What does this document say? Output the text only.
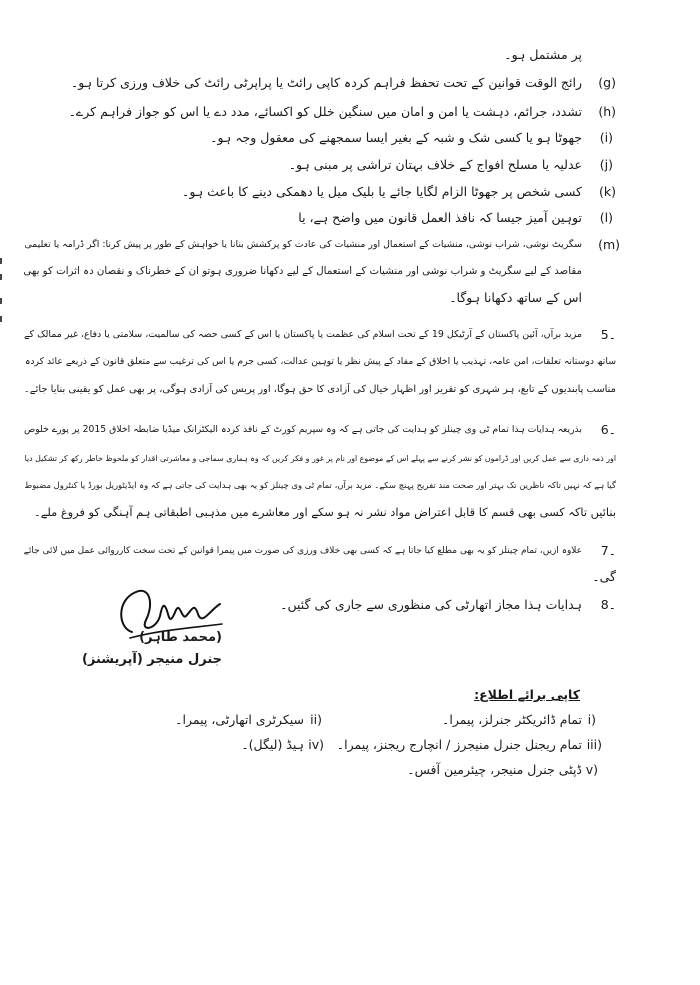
پر مشتمل ہو۔
(g)
رائج الوقت قوانین کے تحت تحفظ فراہم کردہ کاپی رائٹ یا پراپرٹی رائٹ کی خلاف ورزی کرتا ہو۔
(h)
تشدد، جرائم، دہشت یا امن و امان میں سنگین خلل کو اکسائے، مدد دے یا اس کو جواز فراہم کرے۔
(i)
جھوٹا ہو یا کسی شک و شبہ کے بغیر ایسا سمجھنے کی معقول وجہ ہو۔
(j)
عدلیہ یا مسلح افواج کے خلاف بہتان تراشی پر مبنی ہو۔
(k)
کسی شخص پر جھوٹا الزام لگایا جائے یا بلیک میل یا دھمکی دینے کا باعث ہو۔
(l)
توہین آمیز جیسا کہ نافذ العمل قانون میں واضح ہے، یا
(m)
سگریٹ نوشی، شراب نوشی، منشیات کے استعمال اور منشیات کی عادت کو پرکشش بنانا یا خواہش کے طور پر پیش کرنا: اگر ڈرامہ یا تعلیمی
مقاصد کے لیے سگریٹ و شراب نوشی اور منشیات کے استعمال کے لیے دکھانا ضروری ہوتو ان کے خطرناک و نقصان دہ اثرات کو بھی
اس کے ساتھ دکھانا ہوگا۔
5۔
مزید برآں، آئین پاکستان کے آرٹیکل 19 کے تحت اسلام کی عظمت یا پاکستان یا اس کے کسی حصہ کی سالمیت، سلامتی یا دفاع، غیر ممالک کے
ساتھ دوستانہ تعلقات، امن عامہ، تہذیب یا اخلاق کے مفاد کے پیش نظر یا توہین عدالت، کسی جرم یا اس کی ترغیب سے متعلق قانون کے ذریعے عائد کردہ
مناسب پابندیوں کے تابع، ہر شہری کو تقریر اور اظہار خیال کی آزادی کا حق ہوگا، اور پریس کی آزادی ہوگی، پر بھی عمل کو یقینی بنایا جائے۔
6۔
بذریعہ ہدایات ہذا تمام ٹی وی چینلز کو ہدایت کی جاتی ہے کہ وہ سپریم کورٹ کے نافذ کردہ الیکٹرانک میڈیا ضابطہ اخلاق 2015 پر پورے خلوص
اور ذمہ داری سے عمل کریں اور ڈراموں کو نشر کرنے سے پہلے اس کے موضوع اور نام پر غور و فکر کریں کہ وہ ہماری سماجی و معاشرتی اقدار کو ملحوظ خاطر رکھ کر تشکیل دیا
گیا ہے کہ نہیں تاکہ ناظرین تک بہتر اور صحت مند تفریح پہنچ سکے۔ مزید برآں، تمام ٹی وی چینلز کو یہ بھی ہدایت کی جاتی ہے کہ وہ ایڈیٹوریل بورڈ یا کنٹرول مضبوط
بنائیں تاکہ کسی بھی قسم کا قابل اعتراض مواد نشر نہ ہو سکے اور معاشرے میں مذہبی اطبقاتی ہم آہنگی کو فروغ ملے۔
7۔
علاوہ ازیں، تمام چینلز کو یہ بھی مطلع کیا جاتا ہے کہ کسی بھی خلاف ورزی کی صورت میں پیمرا قوانین کے تحت سخت کارروائی عمل میں لائی جائے
گی۔
8۔
ہدایات ہذا مجاز اتھارٹی کی منظوری سے جاری کی گئیں۔
(محمد طاہر)
جنرل منیجر (آپریشنز)
کاپی برائے اطلاع:
i)
تمام ڈائریکٹر جنرلز، پیمرا۔
ii)
سیکرٹری اتھارٹی، پیمرا۔
iii)
تمام ریجنل جنرل منیجرز / انچارج ریجنز، پیمرا۔
iv)
ہیڈ (لیگل)۔
v)
ڈپٹی جنرل منیجر، چیئرمین آفس۔
